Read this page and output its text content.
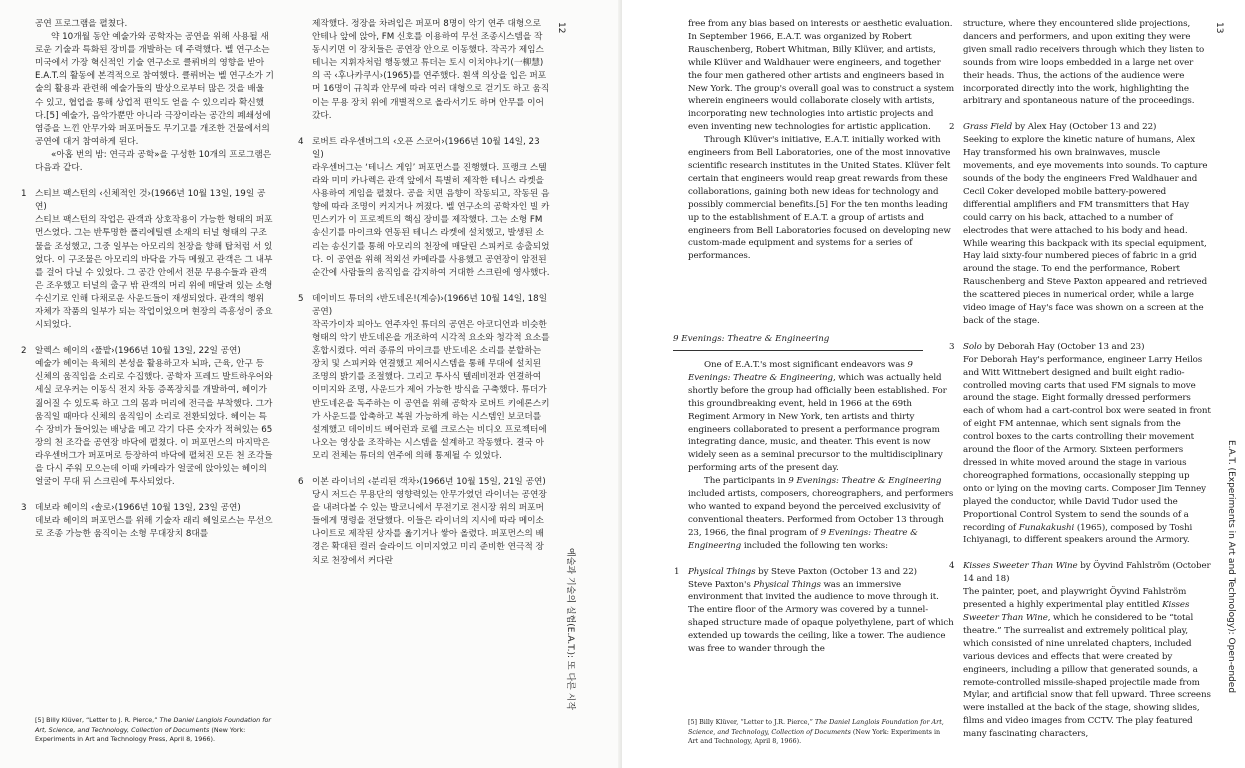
공연 프로그램을 펼쳤다.

약 10개월 동안 예술가와 공학자는 공연을 위해 사용될 새로운 기술과 특화된 장비를 개발하는 데 주력했다. 벨 연구소는 미국에서 가장 혁신적인 기술 연구소로 클뤼버의 영향을 받아 E.A.T.의 활동에 본격적으로 참여했다. 클뤼버는 벨 연구소가 기술의 활용과 관련해 예술가들의 발상으로부터 많은 것을 배울 수 있고, 협업을 통해 상업적 편익도 얻을 수 있으리라 확신했다.[5] 예술가, 음악가뿐만 아니라 극장이라는 공간의 폐쇄성에 염증을 느낀 안무가와 퍼포머들도 무기고를 개조한 건물에서의 공연에 대거 참여하게 된다.

«아홉 번의 밤: 연극과 공학»을 구성한 10개의 프로그램은 다음과 같다.

1 스티브 팩스턴의 ‹신체적인 것›(1966년 10월 13일, 19일 공연)

스티브 팩스턴의 작업은 관객과 상호작용이 가능한 형태의 퍼포먼스였다. 그는 반투명한 폴리에틸렌 소재의 터널 형태의 구조물을 조성했고, 그중 일부는 아모리의 천장을 향해 탑처럼 서 있었다. 이 구조물은 아모리의 바닥을 가득 메웠고 관객은 그 내부를 걸어 다닐 수 있었다. 그 공간 안에서 전문 무용수들과 관객은 조우했고 터널의 출구 밖 관객의 머리 위에 매달려 있는 소형 수신기로 인해 다채로운 사운드들이 재생되었다. 관객의 행위 자체가 작품의 일부가 되는 작업이었으며 현장의 즉흥성이 중요시되었다.

2 알렉스 헤이의 ‹풀밭›(1966년 10월 13일, 22일 공연)

예술가 헤이는 육체의 본성을 활용하고자 뇌파, 근육, 안구 등 신체의 움직임을 소리로 수집했다. 공학자 프레드 발트하우어와 세실 코우커는 이동식 전지 차동 증폭장치를 개발하여, 헤이가 짊어질 수 있도록 하고 그의 몸과 머리에 전극을 부착했다. 그가 움직일 때마다 신체의 움직임이 소리로 전환되었다. 헤이는 특수 장비가 들어있는 배낭을 메고 각기 다른 숫자가 적혀있는 65장의 천 조각을 공연장 바닥에 펼쳤다. 이 퍼포먼스의 마지막은 라우센버그가 퍼포머로 등장하여 바닥에 펼쳐진 모든 천 조각들을 다시 주워 모으는데 이때 카메라가 얼굴에 앉아있는 헤이의 얼굴이 무대 뒤 스크린에 투사되었다.

3 데보라 헤이의 ‹솔로›(1966년 10월 13일, 23일 공연)

데보라 헤이의 퍼포먼스를 위해 기술자 래리 헤일로스는 무선으로 조종 가능한 움직이는 소형 무대장치 8대를

[5] Billy Klüver, “Letter to J. R. Pierce,” The Daniel Langlois Foundation for Art, Science, and Technology, Collection of Documents (New York: Experiments in Art and Technology Press, April 8, 1966).

제작했다. 정장을 차려입은 퍼포머 8명이 악기 연주 대형으로 안테나 앞에 앉아, FM 신호를 이용하여 무선 조종시스템을 작동시키면 이 장치들은 공연장 안으로 이동했다. 작곡가 제임스 테니는 지휘자처럼 행동했고 튜더는 토시 이치야나기(一柳慧)의 곡 ‹후나카쿠시›(1965)를 연주했다. 흰색 의상을 입은 퍼포머 16명이 규칙과 안무에 따라 여러 대형으로 걷기도 하고 움직이는 무용 장치 위에 개별적으로 올라서기도 하며 안무를 이어갔다.

4 로버트 라우센버그의 ‹오픈 스코어›(1966년 10월 14일, 23일)

라우센버그는 ‘테니스 게임’ 퍼포먼스를 진행했다. 프랭크 스텔라와 미미 카나렉은 관객 앞에서 특별히 제작한 테니스 라켓을 사용하여 게임을 펼쳤다. 공을 치면 음향이 작동되고, 작동된 음향에 따라 조명이 커지거나 꺼졌다. 벨 연구소의 공학자인 빌 카민스키가 이 프로젝트의 핵심 장비를 제작했다. 그는 소형 FM 송신기를 마이크와 연동된 테니스 라켓에 설치했고, 발생된 소리는 송신기를 통해 아모리의 천장에 매달린 스피커로 송출되었다. 이 공연을 위해 적외선 카메라를 사용했고 공연장이 암전된 순간에 사람들의 움직임을 감지하여 거대한 스크린에 영사했다.

5 데이비드 튜더의 ‹반도네온!(계승)›(1966년 10월 14일, 18일 공연)

작곡가이자 피아노 연주자인 튜더의 공연은 아코디언과 비슷한 형태의 악기 반도네온을 개조하여 시각적 요소와 청각적 요소를 혼합시켰다. 여러 종류의 마이크를 반도네온 소리를 분할하는 장치 및 스피커와 연결했고 제어시스템을 통해 무대에 설치된 조명의 밝기를 조절했다. 그리고 투사식 텔레비전과 연결하여 이미지와 조명, 사운드가 제어 가능한 방식을 구축했다. 튜더가 반도네온을 독주하는 이 공연을 위해 공학자 로버트 키에론스키가 사운드를 압축하고 복원 가능하게 하는 시스템인 보코더를 설계했고 데이비드 베어런과 로웰 크로스는 비디오 프로젝터에 나오는 영상을 조작하는 시스템을 설계하고 작동했다. 결국 아모리 전체는 튜더의 연주에 의해 통제될 수 있었다.

6 이본 라이너의 ‹분리된 객차›(1966년 10월 15일, 21일 공연)

당시 저드슨 무용단의 영향력있는 안무가였던 라이너는 공연장을 내려다볼 수 있는 발코니에서 무전기로 전시장 위의 퍼포머들에게 명령을 전달했다. 이들은 라이너의 지시에 따라 메이소나이트로 제작된 상자를 옮기거나 쌓아 올렸다. 퍼포먼스의 배경은 확대된 컬러 슬라이드 이미지였고 미리 준비한 연극적 장치로 천장에서 커다란

12
예술과 기술의 실험(E.A.T.): 또 다른 시작

free from any bias based on interests or aesthetic evaluation. In September 1966, E.A.T. was organized by Robert Rauschenberg, Robert Whitman, Billy Klüver, and artists, while Klüver and Waldhauer were engineers, and together the four men gathered other artists and engineers based in New York. The group's overall goal was to construct a system wherein engineers would collaborate closely with artists, incorporating new technologies into artistic projects and even inventing new technologies for artistic application.

Through Klüver's initiative, E.A.T. initially worked with engineers from Bell Laboratories, one of the most innovative scientific research institutes in the United States. Klüver felt certain that engineers would reap great rewards from these collaborations, gaining both new ideas for technology and possibly commercial benefits.[5] For the ten months leading up to the establishment of E.A.T. a group of artists and engineers from Bell Laboratories focused on developing new custom-made equipment and systems for a series of performances.

9 Evenings: Theatre & Engineering

One of E.A.T.'s most significant endeavors was 9 Evenings: Theatre & Engineering, which was actually held shortly before the group had officially been established. For this groundbreaking event, held in 1966 at the 69th Regiment Armory in New York, ten artists and thirty engineers collaborated to present a performance program integrating dance, music, and theater. This event is now widely seen as a seminal precursor to the multidisciplinary performing arts of the present day.

The participants in 9 Evenings: Theatre & Engineering included artists, composers, choreographers, and performers who wanted to expand beyond the perceived exclusivity of conventional theaters. Performed from October 13 through 23, 1966, the final program of 9 Evenings: Theatre & Engineering included the following ten works:

1 Physical Things by Steve Paxton (October 13 and 22)

Steve Paxton's Physical Things was an immersive environment that invited the audience to move through it. The entire floor of the Armory was covered by a tunnel-shaped structure made of opaque polyethylene, part of which extended up towards the ceiling, like a tower. The audience was free to wander through the

[5] Billy Klüver, “Letter to J.R. Pierce,” The Daniel Langlois Foundation for Art, Science, and Technology, Collection of Documents (New York: Experiments in Art and Technology, April 8, 1966).

structure, where they encountered slide projections, dancers and performers, and upon exiting they were given small radio receivers through which they listen to sounds from wire loops embedded in a large net over their heads. Thus, the actions of the audience were incorporated directly into the work, highlighting the arbitrary and spontaneous nature of the proceedings.

2 Grass Field by Alex Hay (October 13 and 22)

Seeking to explore the kinetic nature of humans, Alex Hay transformed his own brainwaves, muscle movements, and eye movements into sounds. To capture sounds of the body the engineers Fred Waldhauer and Cecil Coker developed mobile battery-powered differential amplifiers and FM transmitters that Hay could carry on his back, attached to a number of electrodes that were attached to his body and head. While wearing this backpack with its special equipment, Hay laid sixty-four numbered pieces of fabric in a grid around the stage. To end the performance, Robert Rauschenberg and Steve Paxton appeared and retrieved the scattered pieces in numerical order, while a large video image of Hay's face was shown on a screen at the back of the stage.

3 Solo by Deborah Hay (October 13 and 23)

For Deborah Hay's performance, engineer Larry Heilos and Witt Wittnebert designed and built eight radio-controlled moving carts that used FM signals to move around the stage. Eight formally dressed performers each of whom had a cart-control box were seated in front of eight FM antennae, which sent signals from the control boxes to the carts controlling their movement around the floor of the Armory. Sixteen performers dressed in white moved around the stage in various choreographed formations, occasionally stepping up onto or lying on the moving carts. Composer Jim Tenney played the conductor, while David Tudor used the Proportional Control System to send the sounds of a recording of Funakakushi (1965), composed by Toshi Ichiyanagi, to different speakers around the Armory.

4 Kisses Sweeter Than Wine by Öyvind Fahlström (October 14 and 18)

The painter, poet, and playwright Öyvind Fahlström presented a highly experimental play entitled Kisses Sweeter Than Wine, which he considered to be “total theatre.” The surrealist and extremely political play, which consisted of nine unrelated chapters, included various devices and effects that were created by engineers, including a pillow that generated sounds, a remote-controlled missile-shaped projectile made from Mylar, and artificial snow that fell upward. Three screens were installed at the back of the stage, showing slides, films and video images from CCTV. The play featured many fascinating characters,

13
E.A.T. (Experiments in Art and Technology): Open-ended
